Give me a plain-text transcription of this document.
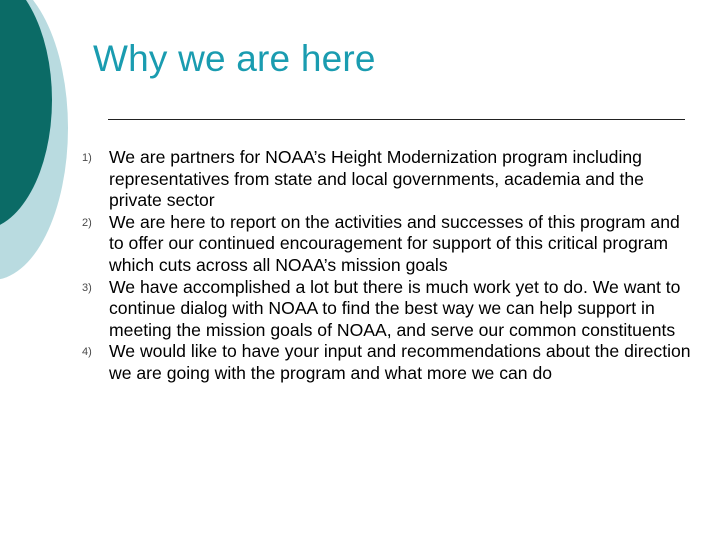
Why we are here
1) We are partners for NOAA’s Height Modernization program including representatives from state and local governments, academia and the private sector
2) We are here to report on the activities and successes of this program and to offer our continued encouragement for support of this critical program which cuts across all NOAA’s mission goals
3) We have accomplished a lot but there is much work yet to do. We want to continue dialog with NOAA to find the best way we can help support in meeting the mission goals of NOAA, and serve our common constituents
4) We would like to have your input and recommendations about the direction we are going with the program and what more we can do
